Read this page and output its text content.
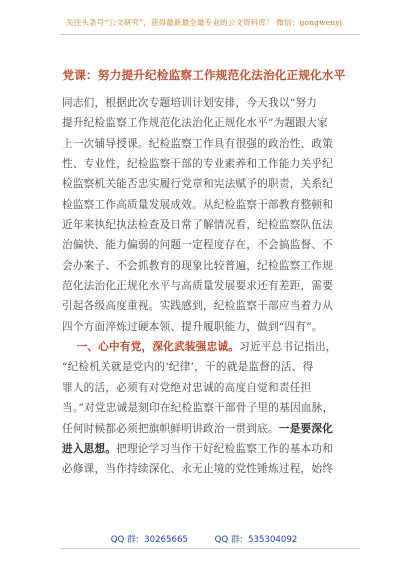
关注头条号“公文研究”，获得最新最全最专业的公文资料库！ 微信：gongwenyj
党课：努力提升纪检监察工作规范化法治化正规化水平
同志们，根据此次专题培训计划安排，今天我以“努力
提升纪检监察工作规范化法治化正规化水平”为题跟大家
上一次辅导授课。纪检监察工作具有很强的政治性、政策
性、专业性，纪检监察干部的专业素养和工作能力关乎纪
检监察机关能否忠实履行党章和宪法赋予的职责，关系纪
检监察工作高质量发展成效。从纪检监察干部教育整顿和
近年来执纪执法检查及日常了解情况看，纪检监察队伍法
治偏快、能力偏弱的问题一定程度存在，不会搞监督、不
会办案子、不会抓教育的现象比较普遍，纪检监察工作规
范化法治化正规化水平与高质量发展要求还有差距，需要
引起各级高度重视。实践感到，纪检监察干部应当着力从
四个方面淬炼过硬本领、提升履职能力，做到“四有”。
一、心中有党，深化武装强忠诚。习近平总书记指出，
“纪检机关就是党内的‘纪律’，干的就是监督的活、得
罪人的活，必须有对党绝对忠诚的高度自觉和责任担
当。”对党忠诚是刻印在纪检监察干部骨子里的基因血脉，
任何时候都必须把旗帜鲜明讲政治一贯到底。一是要深化
进入思想。把理论学习当作干好纪检监察工作的基本功和
必修课，当作持续深化、永无止境的党性锤炼过程，始终
QQ 群：30265665	QQ 群：535304092
